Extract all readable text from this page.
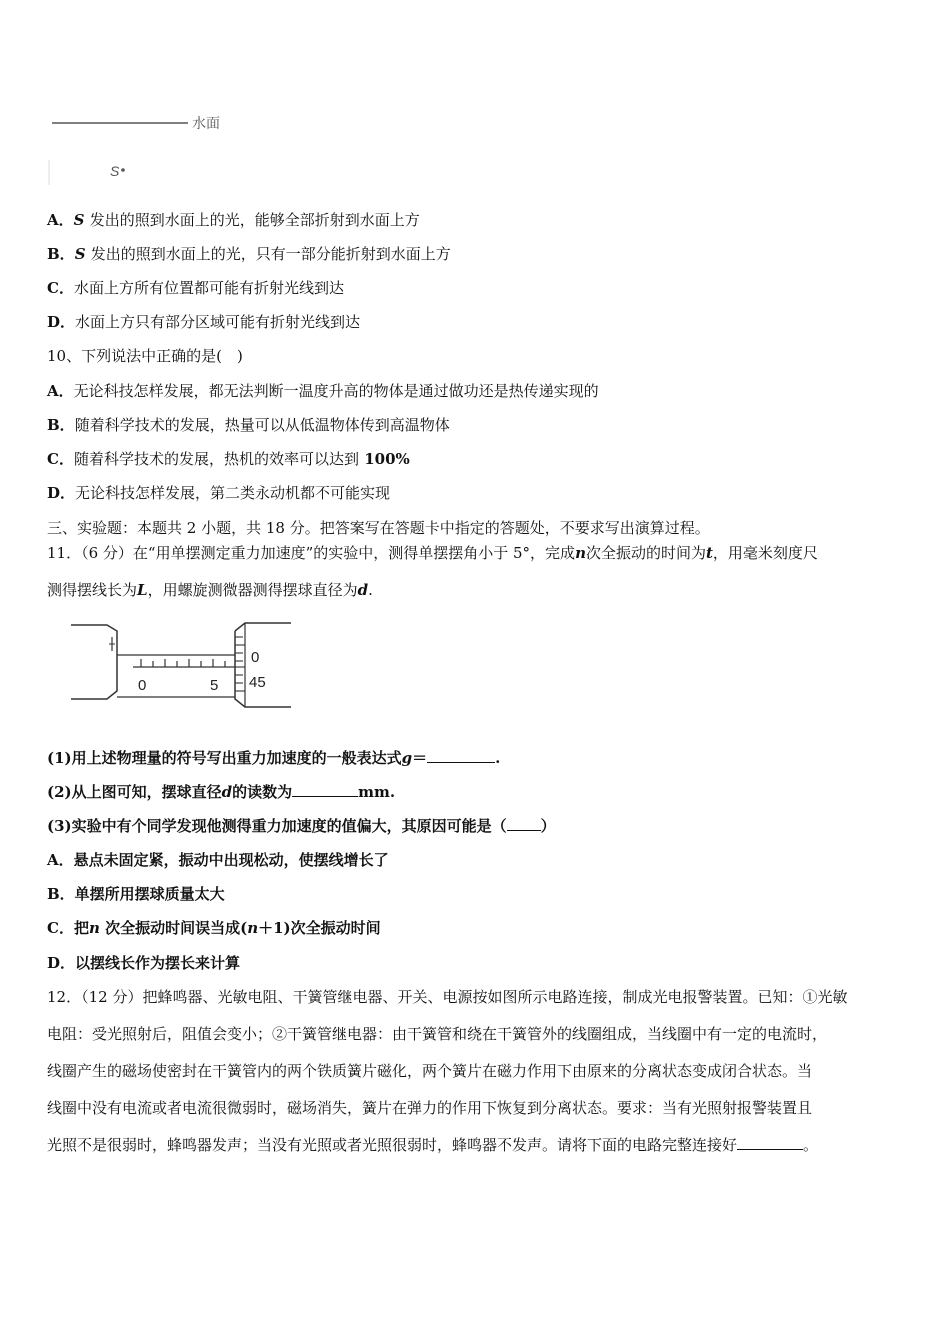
水面
S
A．S 发出的照到水面上的光，能够全部折射到水面上方
B．S 发出的照到水面上的光，只有一部分能折射到水面上方
C．水面上方所有位置都可能有折射光线到达
D．水面上方只有部分区域可能有折射光线到达
10、下列说法中正确的是(　)
A．无论科技怎样发展，都无法判断一温度升高的物体是通过做功还是热传递实现的
B．随着科学技术的发展，热量可以从低温物体传到高温物体
C．随着科学技术的发展，热机的效率可以达到 100%
D．无论科技怎样发展，第二类永动机都不可能实现
三、实验题：本题共 2 小题，共 18 分。把答案写在答题卡中指定的答题处，不要求写出演算过程。
11．（6 分）在“用单摆测定重力加速度”的实验中，测得单摆摆角小于 5°，完成n次全振动的时间为t，用毫米刻度尺
测得摆线长为L，用螺旋测微器测得摆球直径为d.
0	5
0
45
(1)用上述物理量的符号写出重力加速度的一般表达式g＝	.
(2)从上图可知，摆球直径d的读数为	mm.
(3)实验中有个同学发现他测得重力加速度的值偏大，其原因可能是（ ）
A．悬点未固定紧，振动中出现松动，使摆线增长了
B．单摆所用摆球质量太大
C．把n 次全振动时间误当成(n＋1)次全振动时间
D．以摆线长作为摆长来计算
12．（12 分）把蜂鸣器、光敏电阻、干簧管继电器、开关、电源按如图所示电路连接，制成光电报警装置。已知：①光敏
电阻：受光照射后，阻值会变小；②干簧管继电器：由干簧管和绕在干簧管外的线圈组成，当线圈中有一定的电流时，
线圈产生的磁场使密封在干簧管内的两个铁质簧片磁化，两个簧片在磁力作用下由原来的分离状态变成闭合状态。当
线圈中没有电流或者电流很微弱时，磁场消失，簧片在弹力的作用下恢复到分离状态。要求：当有光照射报警装置且
光照不是很弱时，蜂鸣器发声；当没有光照或者光照很弱时，蜂鸣器不发声。请将下面的电路完整连接好	。
